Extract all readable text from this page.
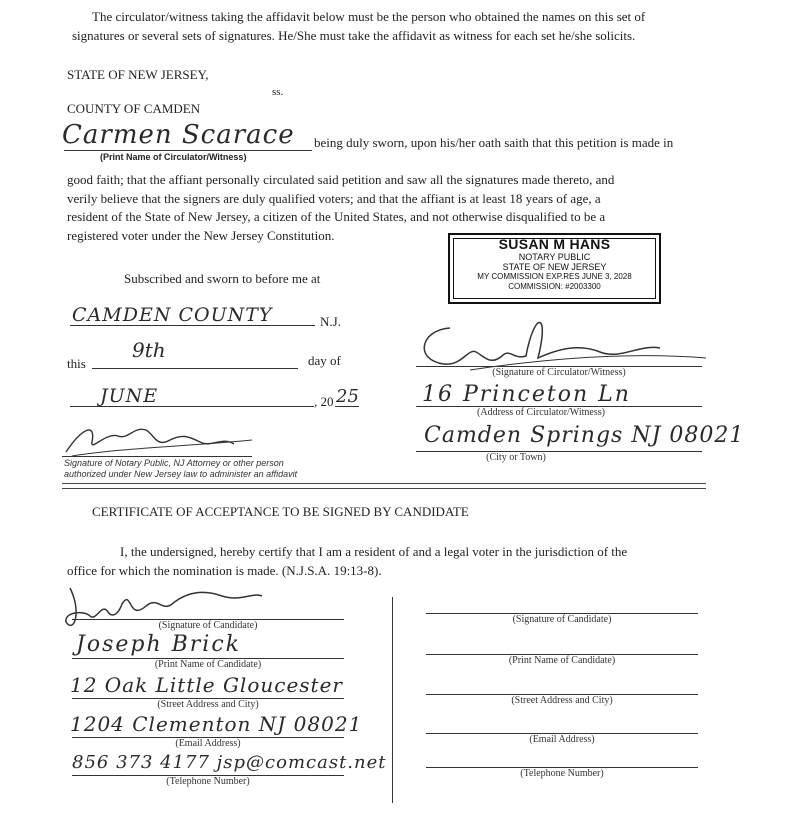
The circulator/witness taking the affidavit below must be the person who obtained the names on this set of
signatures or several sets of signatures. He/She must take the affidavit as witness for each set he/she solicits.
STATE OF NEW JERSEY,
ss.
COUNTY OF CAMDEN
Carmen Scarace
(Print Name of Circulator/Witness)
being duly sworn, upon his/her oath saith that this petition is made in
good faith; that the affiant personally circulated said petition and saw all the signatures made thereto, and
verily believe that the signers are duly qualified voters; and that the affiant is at least 18 years of age, a
resident of the State of New Jersey, a citizen of the United States, and not otherwise disqualified to be a
registered voter under the New Jersey Constitution.
SUSAN M HANS
NOTARY PUBLIC
STATE OF NEW JERSEY
MY COMMISSION EXP.RES JUNE 3, 2028
COMMISSION: #2003300
Subscribed and sworn to before me at
CAMDEN COUNTY	N.J.
this
9th	day of
JUNE	, 20 25
Signature of Notary Public, NJ Attorney or other person
authorized under New Jersey law to administer an affidavit
(Signature of Circulator/Witness)
16 Princeton Ln
(Address of Circulator/Witness)
Camden Springs NJ 08021
(City or Town)
CERTIFICATE OF ACCEPTANCE TO BE SIGNED BY CANDIDATE
I, the undersigned, hereby certify that I am a resident of and a legal voter in the jurisdiction of the
office for which the nomination is made. (N.J.S.A. 19:13-8).
(Signature of Candidate)
Joseph Brick
(Print Name of Candidate)
12 Oak Little Gloucester
(Street Address and City)
1204 Clementon NJ 08021
(Email Address)
856 373 4177 jsp@comcast.net
(Telephone Number)
(Signature of Candidate)
(Print Name of Candidate)
(Street Address and City)
(Email Address)
(Telephone Number)
